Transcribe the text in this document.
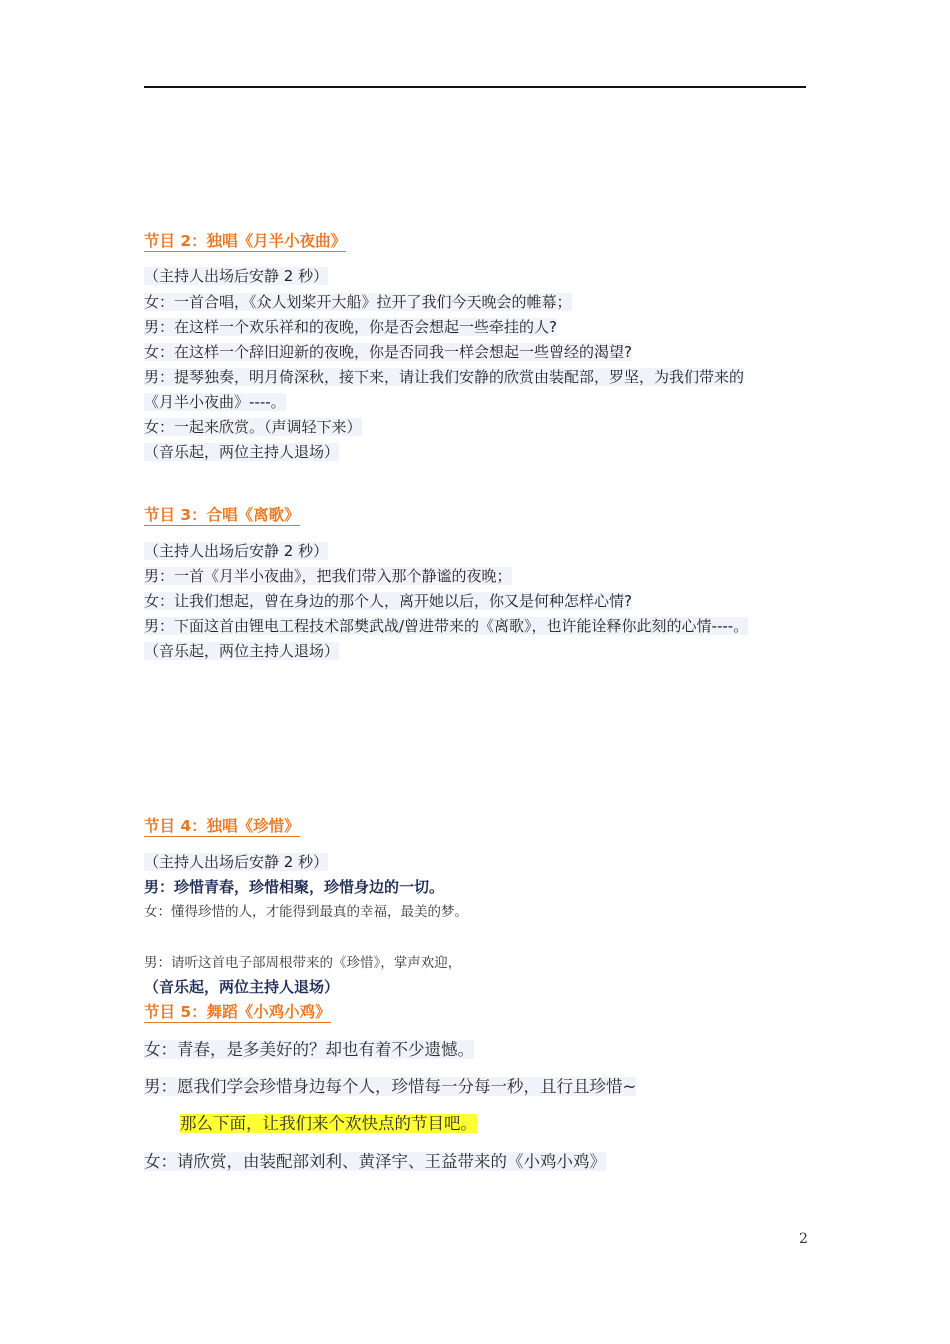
节目 2：独唱《月半小夜曲》
（主持人出场后安静 2 秒）
女：一首合唱，《众人划桨开大船》拉开了我们今天晚会的帷幕；
男：在这样一个欢乐祥和的夜晚，你是否会想起一些牵挂的人?
女：在这样一个辞旧迎新的夜晚，你是否同我一样会想起一些曾经的渴望?
男：提琴独奏，明月倚深秋，接下来，请让我们安静的欣赏由装配部，罗坚，为我们带来的
《月半小夜曲》----。
女：一起来欣赏。（声调轻下来）
（音乐起，两位主持人退场）
节目 3：合唱《离歌》
（主持人出场后安静 2 秒）
男：一首《月半小夜曲》，把我们带入那个静谧的夜晚；
女：让我们想起，曾在身边的那个人，离开她以后，你又是何种怎样心情?
男：下面这首由锂电工程技术部樊武战/曾进带来的《离歌》，也许能诠释你此刻的心情----。
（音乐起，两位主持人退场）
节目 4：独唱《珍惜》
（主持人出场后安静 2 秒）
男：珍惜青春，珍惜相聚，珍惜身边的一切。
女：懂得珍惜的人，才能得到最真的幸福，最美的梦。
男：请听这首电子部周根带来的《珍惜》，掌声欢迎，
（音乐起，两位主持人退场）
节目 5：舞蹈《小鸡小鸡》
女：青春，是多美好的？却也有着不少遗憾。
男：愿我们学会珍惜身边每个人，珍惜每一分每一秒，且行且珍惜~
那么下面，让我们来个欢快点的节目吧。
女：请欣赏，由装配部刘利、黄泽宇、王益带来的《小鸡小鸡》
2
